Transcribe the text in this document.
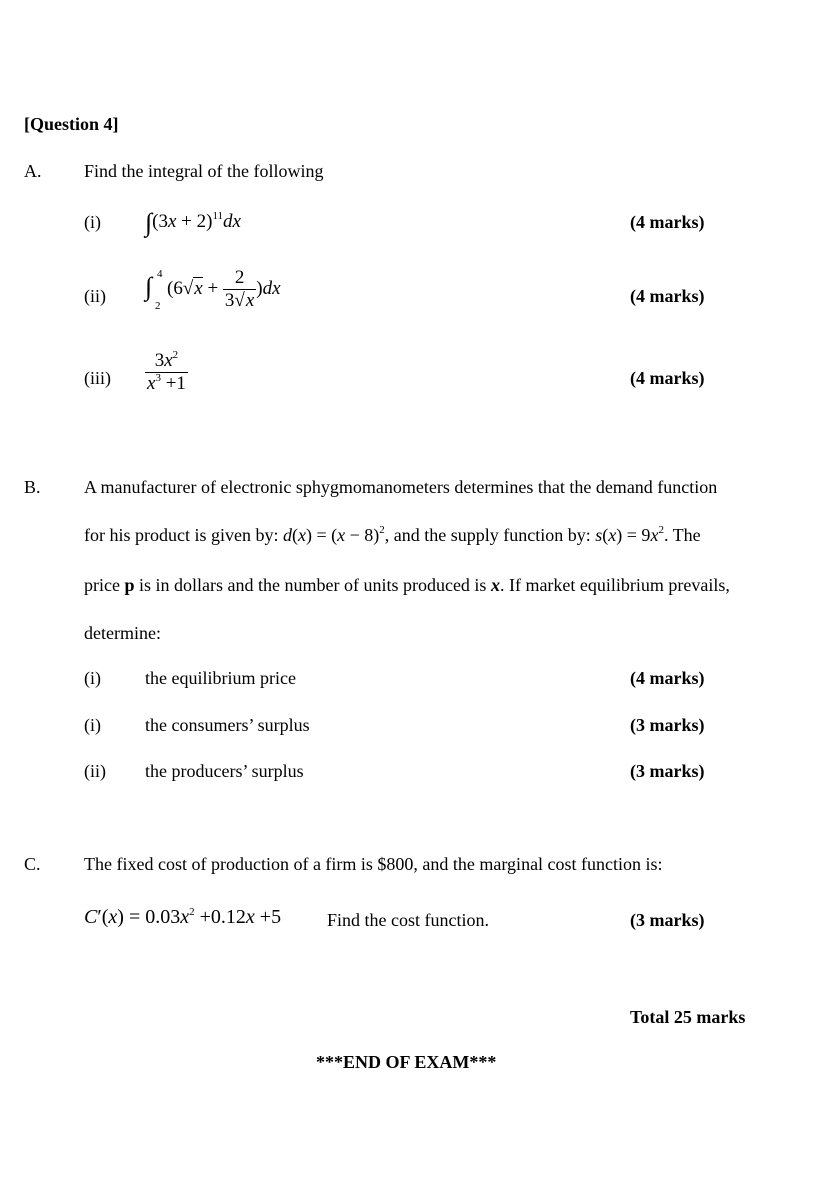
[Question 4]
A. Find the integral of the following
(i) $\int(3x + 2)^{11}dx$	(4 marks)
(ii) ∫ 4
2
$(6√x + \frac{2}{3√x} )dx$	(4 marks)
$(iii) \frac{3x^2}{x^3 +1}$	(4 marks)
B. A manufacturer of electronic sphygmomanometers determines that the demand function
for his product is given by: $d(x) = (x - 8)^2$, and the supply function by: $s(x) = 9x^2$. The
price p is in dollars and the number of units produced is x. If market equilibrium prevails,
determine:
(i) the equilibrium price	(4 marks)
(i) the consumers’ surplus	(3 marks)
(ii) the producers’ surplus	(3 marks)
C. The fixed cost of production of a firm is $800, and the marginal cost function is:
$C'(x) = 0.03x^2 +0.12x +5$	Find the cost function.	(3 marks)
Total 25 marks
***END OF EXAM***
